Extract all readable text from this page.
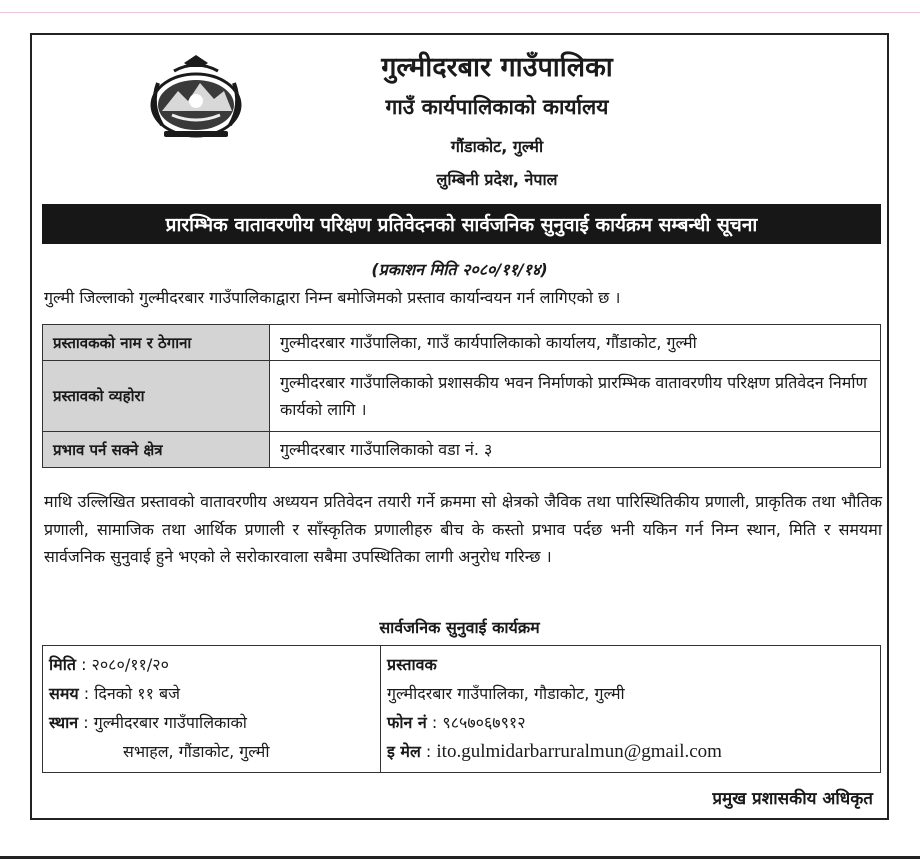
गुल्मीदरबार गाउँपालिका
गाउँ कार्यपालिकाको कार्यालय
गौंडाकोट, गुल्मी
लुम्बिनी प्रदेश, नेपाल
प्रारम्भिक वातावरणीय परिक्षण प्रतिवेदनको सार्वजनिक सुनुवाई कार्यक्रम सम्बन्धी सूचना
(प्रकाशन मिति २०८०/११/१४)
गुल्मी जिल्लाको गुल्मीदरबार गाउँपालिकाद्वारा निम्न बमोजिमको प्रस्ताव कार्यान्वयन गर्न लागिएको छ ।
प्रस्तावकको नाम र ठेगाना	गुल्मीदरबार गाउँपालिका, गाउँ कार्यपालिकाको कार्यालय, गौंडाकोट, गुल्मी
प्रस्तावको व्यहोरा	गुल्मीदरबार गाउँपालिकाको प्रशासकीय भवन निर्माणको प्रारम्भिक वातावरणीय परिक्षण प्रतिवेदन निर्माण कार्यको लागि ।
प्रभाव पर्न सक्ने क्षेत्र	गुल्मीदरबार गाउँपालिकाको वडा नं. ३
माथि उल्लिखित प्रस्तावको वातावरणीय अध्ययन प्रतिवेदन तयारी गर्ने क्रममा सो क्षेत्रको जैविक तथा पारिस्थितिकीय प्रणाली, प्राकृतिक तथा भौतिक प्रणाली, सामाजिक तथा आर्थिक प्रणाली र साँस्कृतिक प्रणालीहरु बीच के कस्तो प्रभाव पर्दछ भनी यकिन गर्न निम्न स्थान, मिति र समयमा सार्वजनिक सुनुवाई हुने भएको ले सरोकारवाला सबैमा उपस्थितिका लागी अनुरोध गरिन्छ ।
सार्वजनिक सुनुवाई कार्यक्रम
मिति : २०८०/११/२०
समय : दिनको ११ बजे
स्थान : गुल्मीदरबार गाउँपालिकाको
सभाहल, गौंडाकोट, गुल्मी

प्रस्तावक
गुल्मीदरबार गाउँपालिका, गौडाकोट, गुल्मी
फोन नं : ९८५७०६७९१२
इ मेल : ito.gulmidarbarruralmun@gmail.com
प्रमुख प्रशासकीय अधिकृत
